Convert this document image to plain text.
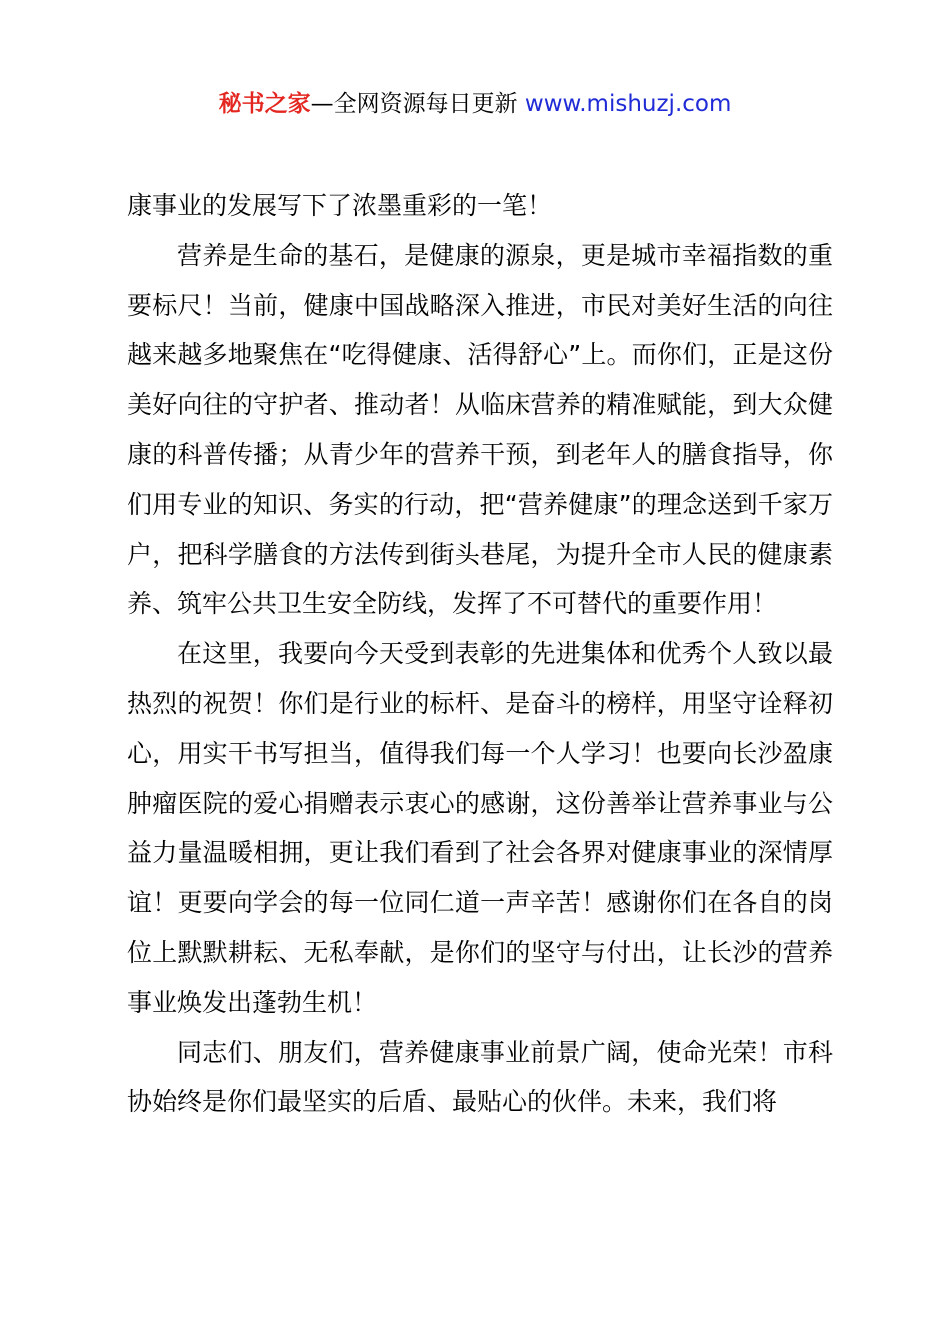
秘书之家—全网资源每日更新 www.mishuzj.com

康事业的发展写下了浓墨重彩的一笔！

营养是生命的基石，是健康的源泉，更是城市幸福指数的重要标尺！当前，健康中国战略深入推进，市民对美好生活的向往越来越多地聚焦在“吃得健康、活得舒心”上。而你们，正是这份美好向往的守护者、推动者！从临床营养的精准赋能，到大众健康的科普传播；从青少年的营养干预，到老年人的膳食指导，你们用专业的知识、务实的行动，把“营养健康”的理念送到千家万户，把科学膳食的方法传到街头巷尾，为提升全市人民的健康素养、筑牢公共卫生安全防线，发挥了不可替代的重要作用！

在这里，我要向今天受到表彰的先进集体和优秀个人致以最热烈的祝贺！你们是行业的标杆、是奋斗的榜样，用坚守诠释初心，用实干书写担当，值得我们每一个人学习！也要向长沙盈康肿瘤医院的爱心捐赠表示衷心的感谢，这份善举让营养事业与公益力量温暖相拥，更让我们看到了社会各界对健康事业的深情厚谊！更要向学会的每一位同仁道一声辛苦！感谢你们在各自的岗位上默默耕耘、无私奉献，是你们的坚守与付出，让长沙的营养事业焕发出蓬勃生机！

同志们、朋友们，营养健康事业前景广阔，使命光荣！市科协始终是你们最坚实的后盾、最贴心的伙伴。未来，我们将
